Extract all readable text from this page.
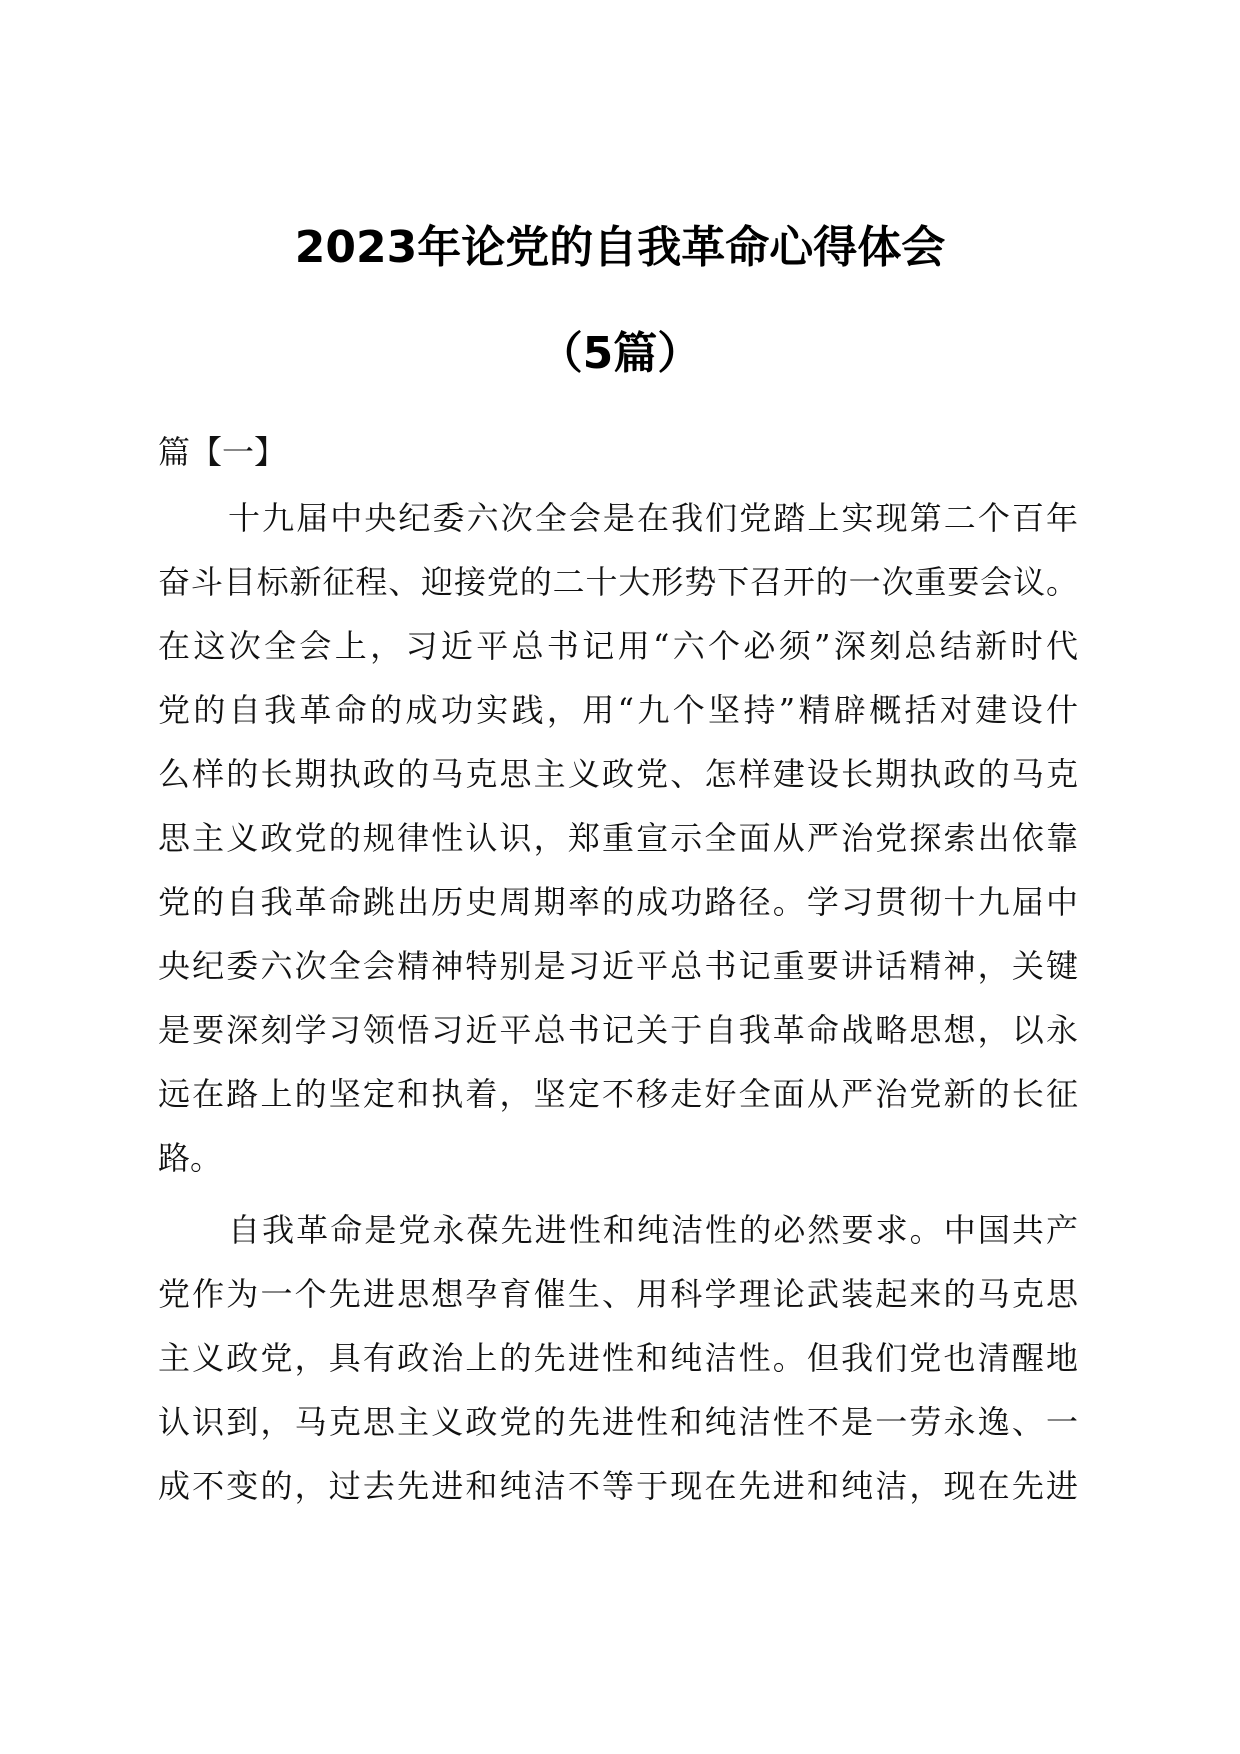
2023年论党的自我革命心得体会
（5篇）
篇【一】
十九届中央纪委六次全会是在我们党踏上实现第二个百年
奋斗目标新征程、迎接党的二十大形势下召开的一次重要会议。
在这次全会上，习近平总书记用“六个必须”深刻总结新时代
党的自我革命的成功实践，用“九个坚持”精辟概括对建设什
么样的长期执政的马克思主义政党、怎样建设长期执政的马克
思主义政党的规律性认识，郑重宣示全面从严治党探索出依靠
党的自我革命跳出历史周期率的成功路径。学习贯彻十九届中
央纪委六次全会精神特别是习近平总书记重要讲话精神，关键
是要深刻学习领悟习近平总书记关于自我革命战略思想，以永
远在路上的坚定和执着，坚定不移走好全面从严治党新的长征
路。
自我革命是党永葆先进性和纯洁性的必然要求。中国共产
党作为一个先进思想孕育催生、用科学理论武装起来的马克思
主义政党，具有政治上的先进性和纯洁性。但我们党也清醒地
认识到，马克思主义政党的先进性和纯洁性不是一劳永逸、一
成不变的，过去先进和纯洁不等于现在先进和纯洁，现在先进
